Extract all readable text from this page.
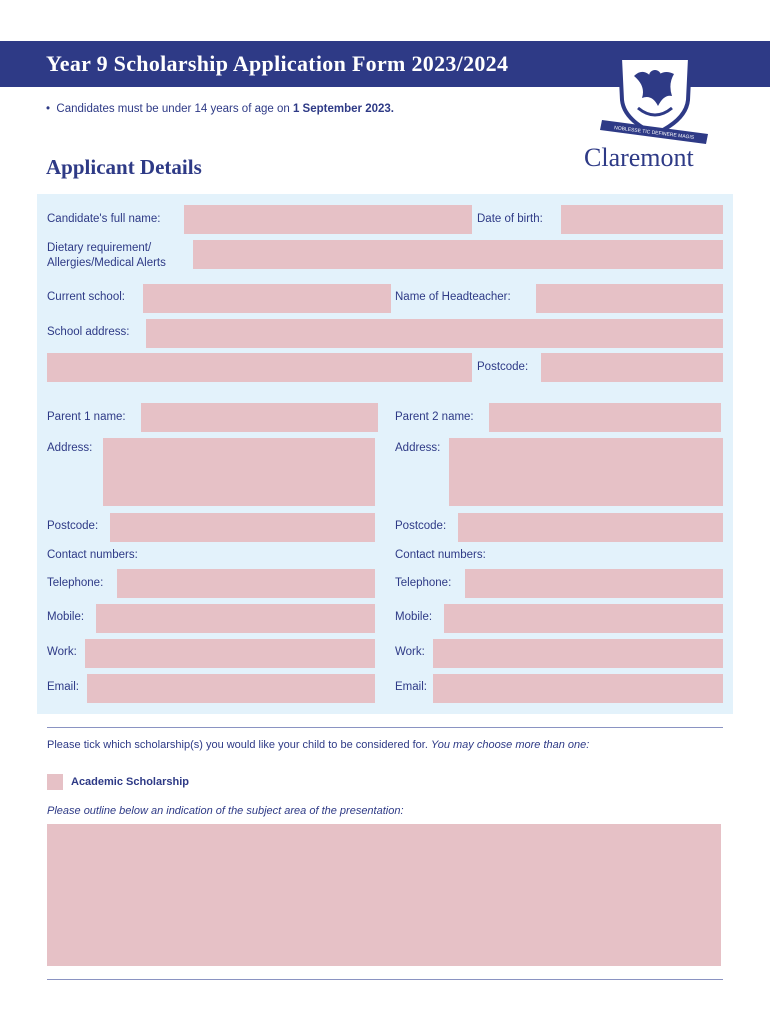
Year 9 Scholarship Application Form 2023/2024
NOBLESSE TIC DEFINERE MAGIS
Claremont
•  Candidates must be under 14 years of age on 1 September 2023.
Applicant Details
Candidate's full name:	Date of birth:
Dietary requirement/
Allergies/Medical Alerts
Current school:	Name of Headteacher:
School address:
Postcode:
Parent 1 name:	Parent 2 name:
Address:	Address:
Postcode:	Postcode:
Contact numbers:	Contact numbers:
Telephone:	Telephone:
Mobile:	Mobile:
Work:	Work:
Email:	Email:
Please tick which scholarship(s) you would like your child to be considered for. You may choose more than one:
Academic Scholarship
Please outline below an indication of the subject area of the presentation:
